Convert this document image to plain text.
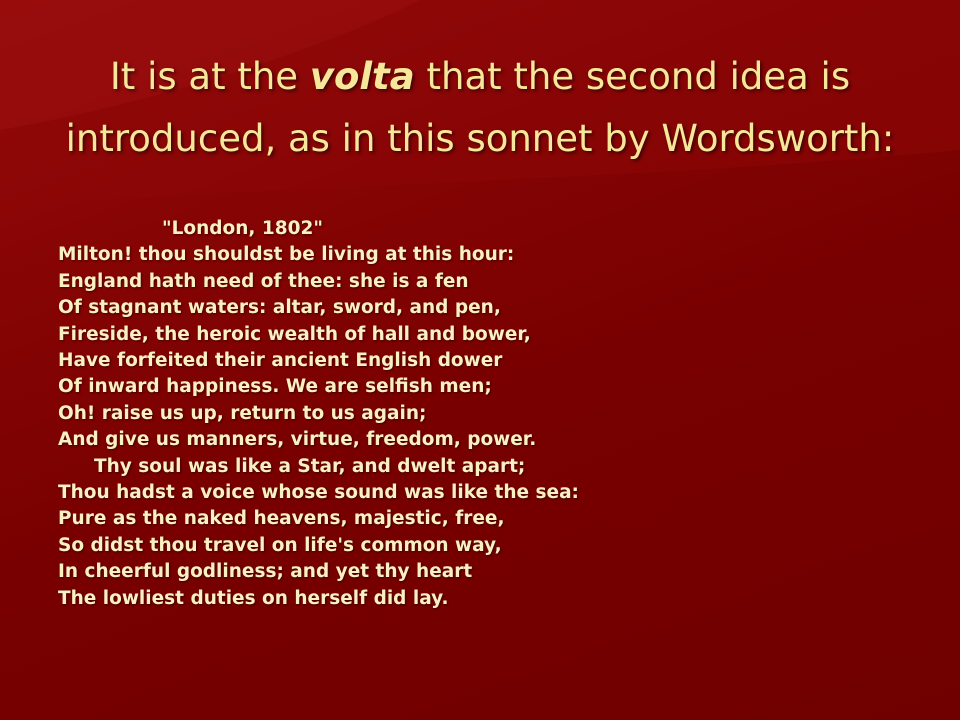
It is at the volta that the second idea is introduced, as in this sonnet by Wordsworth:

"London, 1802"

Milton! thou shouldst be living at this hour:

England hath need of thee: she is a fen

Of stagnant waters: altar, sword, and pen,

Fireside, the heroic wealth of hall and bower,

Have forfeited their ancient English dower

Of inward happiness. We are selfish men;

Oh! raise us up, return to us again;

And give us manners, virtue, freedom, power.

Thy soul was like a Star, and dwelt apart;

Thou hadst a voice whose sound was like the sea:

Pure as the naked heavens, majestic, free,

So didst thou travel on life's common way,

In cheerful godliness; and yet thy heart

The lowliest duties on herself did lay.
